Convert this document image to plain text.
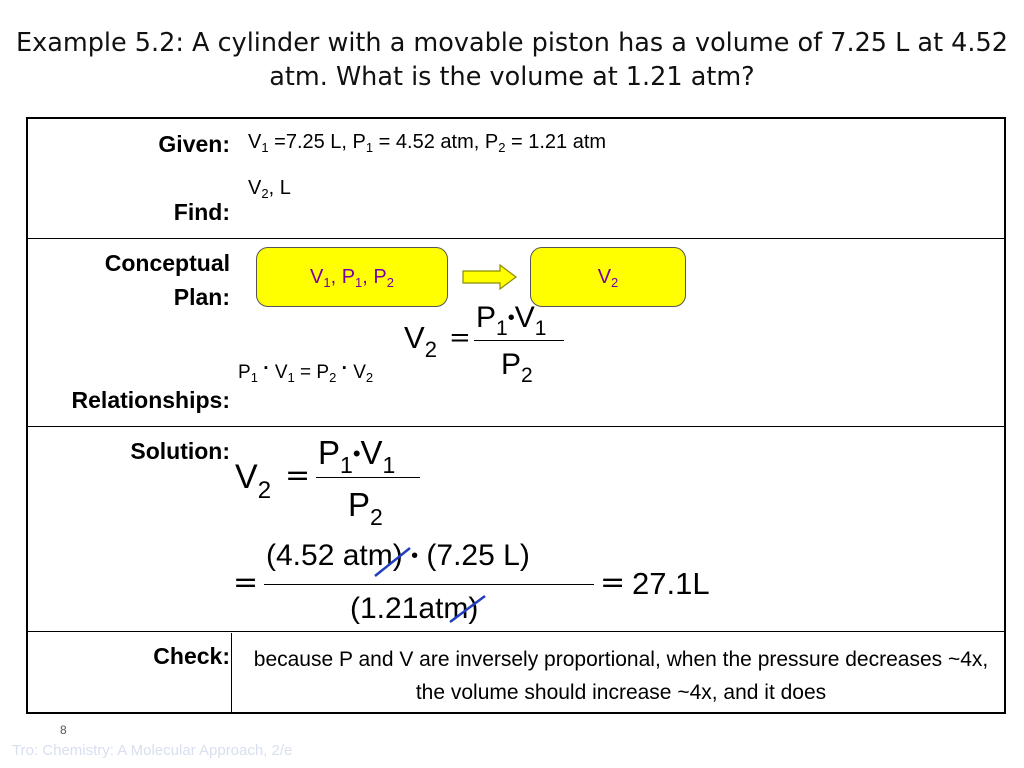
Example 5.2: A cylinder with a movable piston has a volume of 7.25 L at 4.52 atm. What is the volume at 1.21 atm?
Given:
Find:
Conceptual
Plan:
Relationships:
Solution:
Check:
$V_1 =7.25$ L, $P_1 = 4.52$ atm, $P_2 = 1.21$ atm
$V_2$, L
$V_1$, $P_1$, $P_2$	$V_2$
$V_2$ =
$P_1•V_1$
$P_2$
$P_1 \cdot V_1 = P_2 \cdot V_2$
$V_2$ =
$P_1•V_1$
$P_2$
=
(4.52 atm) • (7.25 L)
(1.21atm)
= 27.1L
because P and V are inversely proportional, when the pressure decreases ~4x, the volume should increase ~4x, and it does
8
Tro: Chemistry: A Molecular Approach, 2/e
